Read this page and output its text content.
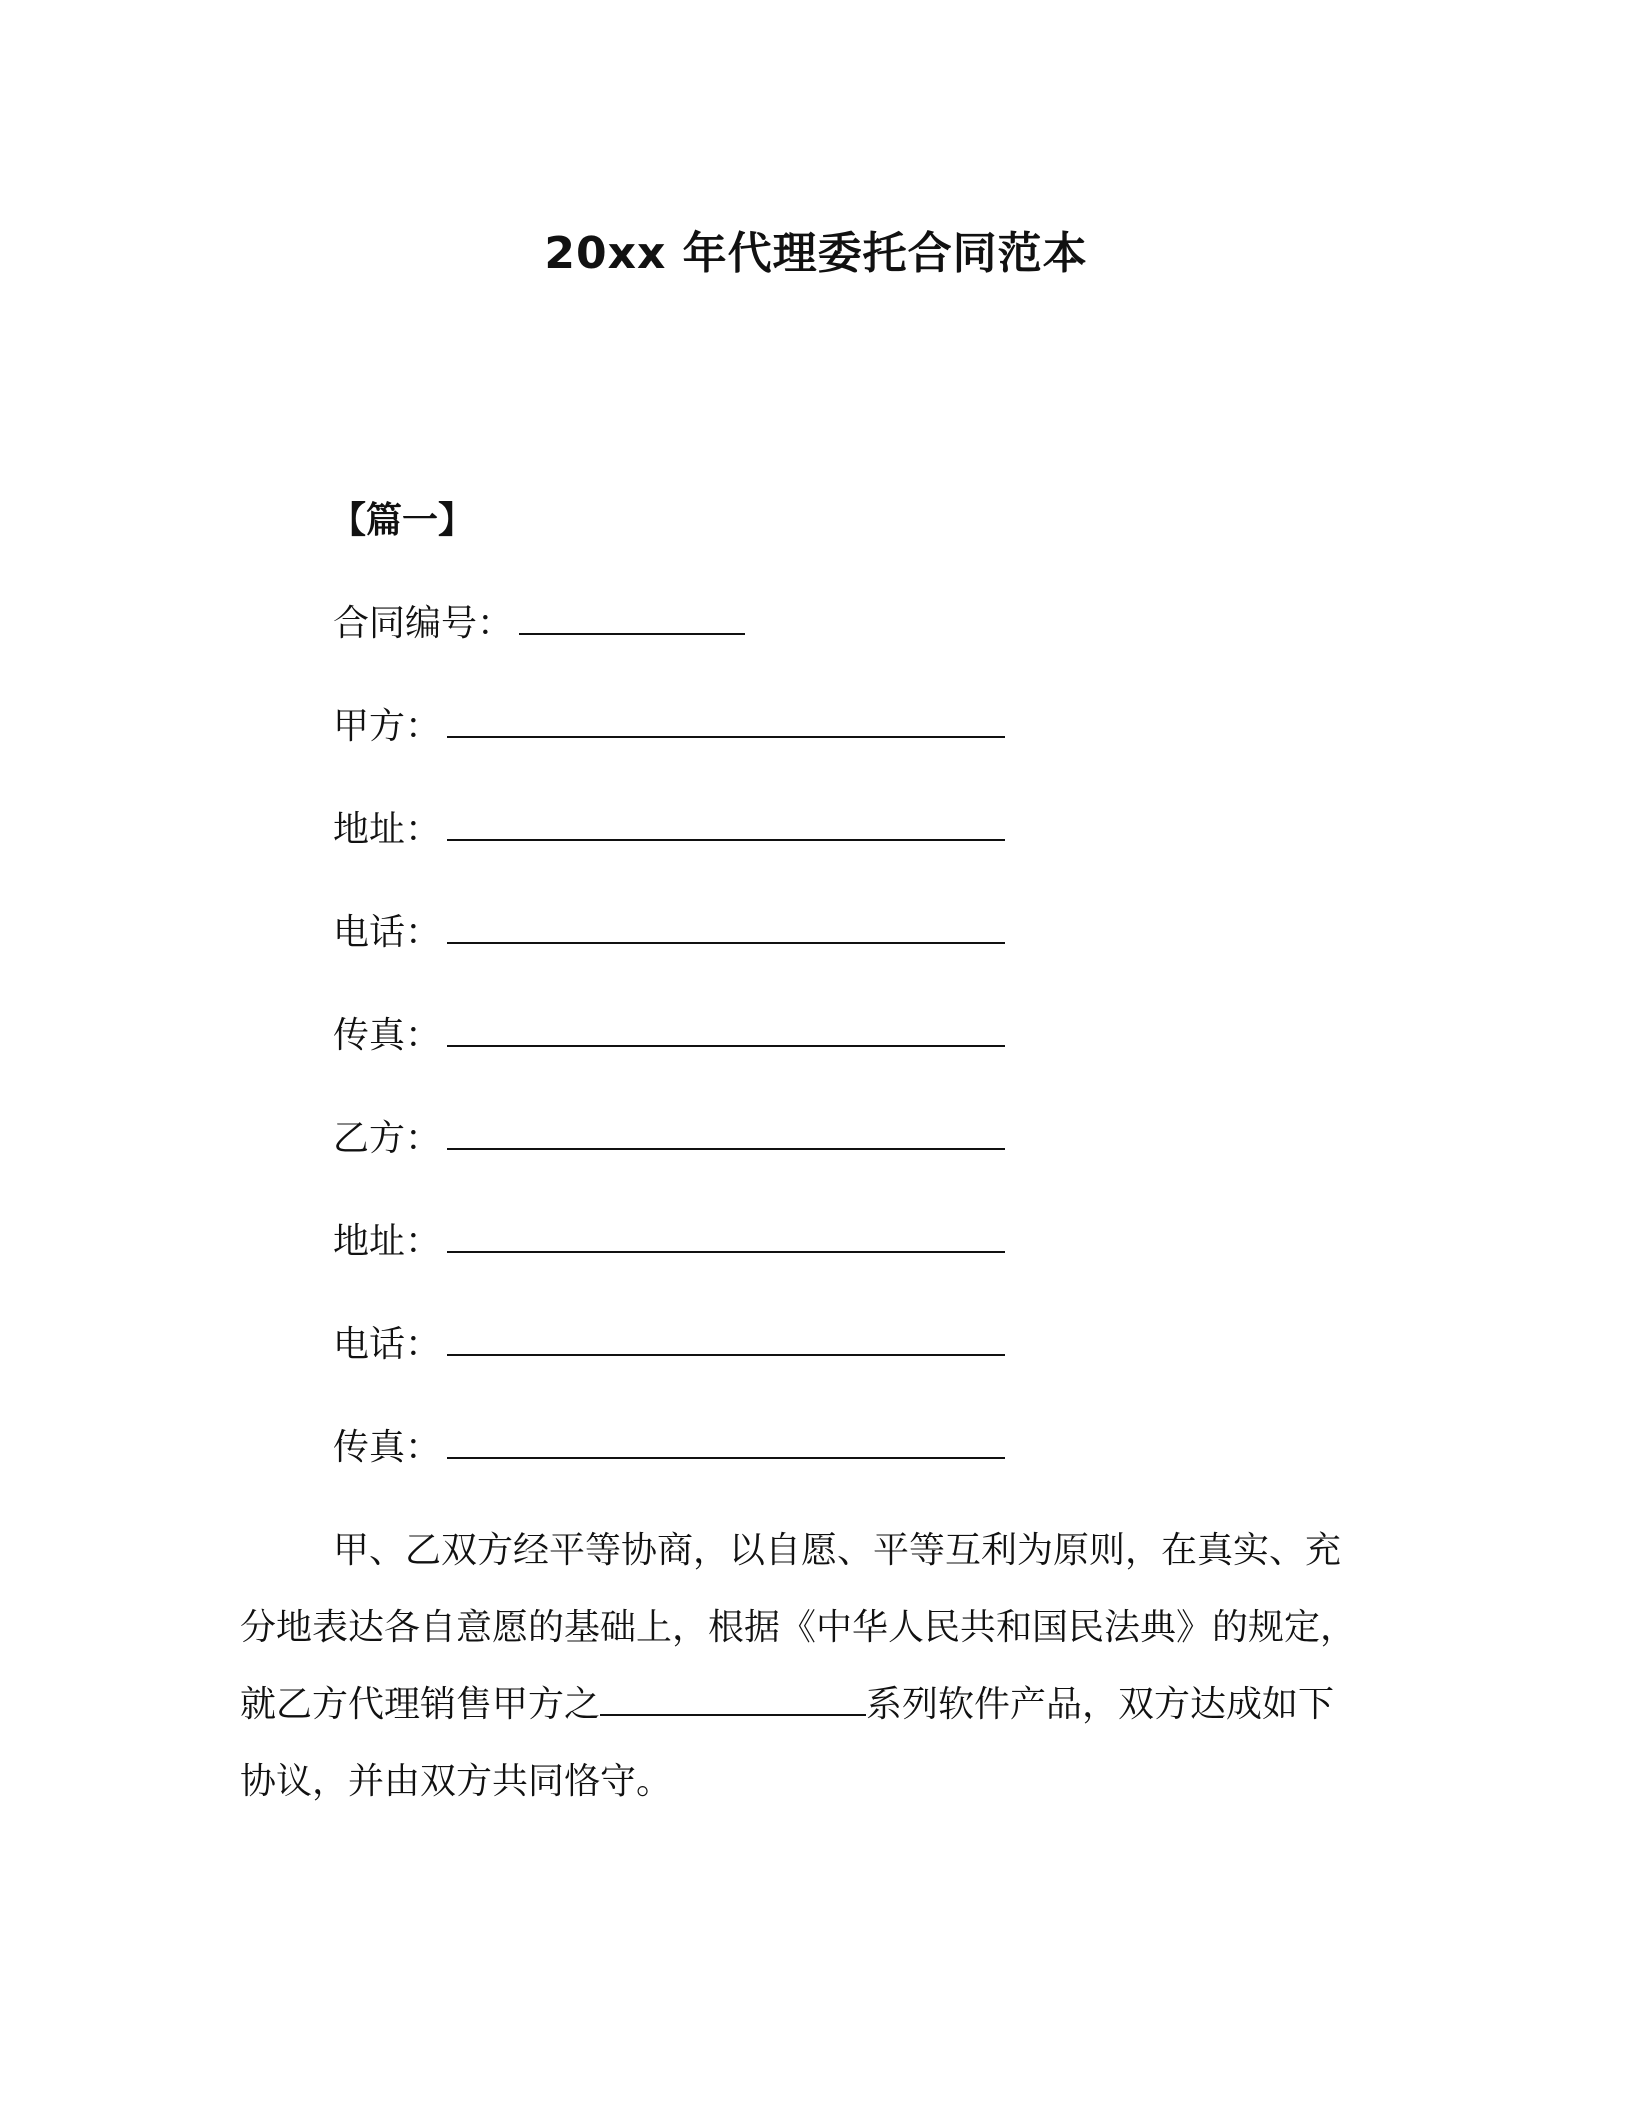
20xx 年代理委托合同范本
【篇一】
合同编号：
甲方：
地址：
电话：
传真：
乙方：
地址：
电话：
传真：
甲、乙双方经平等协商，以自愿、平等互利为原则，在真实、充
分地表达各自意愿的基础上，根据《中华人民共和国民法典》的规定，
就乙方代理销售甲方之	系列软件产品，双方达成如下
协议，并由双方共同恪守。
